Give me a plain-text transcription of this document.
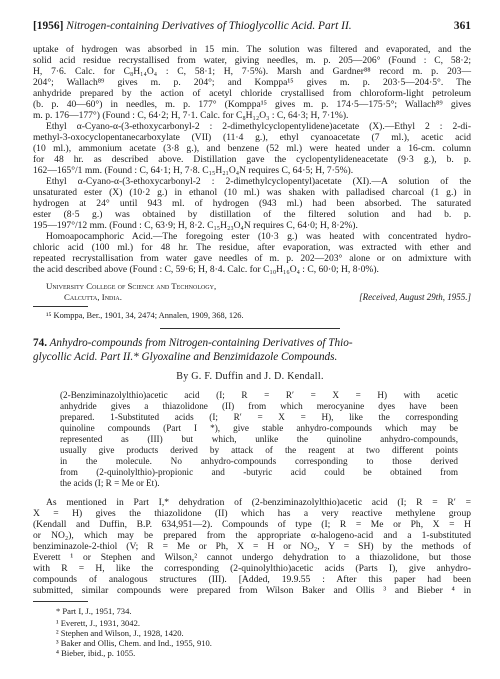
[1956] Nitrogen-containing Derivatives of Thioglycollic Acid. Part II.	361
uptake of hydrogen was absorbed in 15 min. The solution was filtered and evaporated, and the
solid acid residue recrystallised from water, giving needles, m. p. 205—206° (Found : C, 58·2;
H, 7·6. Calc. for C₈H₁₄O₄ : C, 58·1; H, 7·5%). Marsh and Gardner⁸⁸ record m. p. 203—
204°; Wallach⁸⁹ gives m. p. 204°; and Komppa¹⁵ gives m. p. 203·5—204·5°. The
anhydride prepared by the action of acetyl chloride crystallised from chloroform-light petroleum
(b. p. 40—60°) in needles, m. p. 177° (Komppa¹⁵ gives m. p. 174·5—175·5°; Wallach⁸⁹ gives
m. p. 176—177°) (Found : C, 64·2; H, 7·1. Calc. for C₈H₁₂O₃ : C, 64·3; H, 7·1%).
Ethyl α-Cyano-α-(3-ethoxycarbonyl-2 : 2-dimethylcyclopentylidene)acetate (X).—Ethyl 2 : 2-di-
methyl-3-oxocyclopentanecarboxylate (VII) (11·4 g.), ethyl cyanoacetate (7 ml.), acetic acid
(10 ml.), ammonium acetate (3·8 g.), and benzene (52 ml.) were heated under a 16-cm. column
for 48 hr. as described above. Distillation gave the cyclopentylideneacetate (9·3 g.), b. p.
162—165°/1 mm. (Found : C, 64·1; H, 7·8. C₁₅H₂₁O₄N requires C, 64·5; H, 7·5%).
Ethyl α-Cyano-α-(3-ethoxycarbonyl-2 : 2-dimethylcyclopentyl)acetate (XI).—A solution of the
unsaturated ester (X) (10·2 g.) in ethanol (10 ml.) was shaken with palladised charcoal (1 g.) in
hydrogen at 24° until 943 ml. of hydrogen (943 ml.) had been absorbed. The saturated
ester (8·5 g.) was obtained by distillation of the filtered solution and had b. p.
195—197°/12 mm. (Found : C, 63·9; H, 8·2. C₁₅H₂₃O₄N requires C, 64·0; H, 8·2%).
Homoapocamphoric Acid.—The foregoing ester (10·3 g.) was heated with concentrated hydro-
chloric acid (100 ml.) for 48 hr. The residue, after evaporation, was extracted with ether and
repeated recrystallisation from water gave needles of m. p. 202—203° alone or on admixture with
the acid described above (Found : C, 59·6; H, 8·4. Calc. for C₁₀H₁₆O₄ : C, 60·0; H, 8·0%).
University College of Science and Technology,
Calcutta, India.	[Received, August 29th, 1955.]
¹⁵ Komppa, Ber., 1901, 34, 2474; Annalen, 1909, 368, 126.
74. Anhydro-compounds from Nitrogen-containing Derivatives of Thio-
glycollic Acid. Part II.* Glyoxaline and Benzimidazole Compounds.
By G. F. Duffin and J. D. Kendall.
(2-Benziminazolylthio)acetic acid (I; R = R′ = X = H) with acetic
anhydride gives a thiazolidone (II) from which merocyanine dyes have been
prepared. 1-Substituted acids (I; R′ = X = H), like the corresponding
quinoline compounds (Part I *), give stable anhydro-compounds which may be
represented as (III) but which, unlike the quinoline anhydro-compounds,
usually give products derived by attack of the reagent at two different points
in the molecule. No anhydro-compounds corresponding to those derived
from (2-quinolylthio)-propionic and -butyric acid could be obtained from
the acids (I; R = Me or Et).
As mentioned in Part I,* dehydration of (2-benziminazolylthio)acetic acid (I; R = R′ =
X = H) gives the thiazolidone (II) which has a very reactive methylene group
(Kendall and Duffin, B.P. 634,951—2). Compounds of type (I; R = Me or Ph, X = H
or NO₂), which may be prepared from the appropriate α-halogeno-acid and a 1-substituted
benziminazole-2-thiol (V; R = Me or Ph, X = H or NO₂, Y = SH) by the methods of
Everett ¹ or Stephen and Wilson,² cannot undergo dehydration to a thiazolidone, but those
with R = H, like the corresponding (2-quinolylthio)acetic acids (Parts I), give anhydro-
compounds of analogous structures (III). [Added, 19.9.55 : After this paper had been
submitted, similar compounds were prepared from Wilson Baker and Ollis ³ and Bieber ⁴ in
* Part I, J., 1951, 734.
¹ Everett, J., 1931, 3042.
² Stephen and Wilson, J., 1928, 1420.
³ Baker and Ollis, Chem. and Ind., 1955, 910.
⁴ Bieber, ibid., p. 1055.
